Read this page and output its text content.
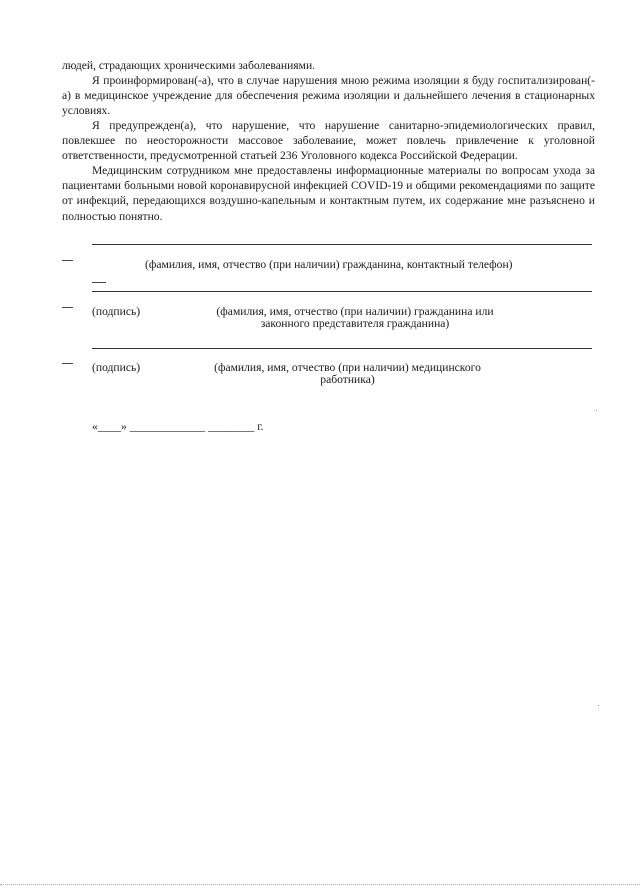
людей, страдающих хроническими заболеваниями.

Я проинформирован(-а), что в случае нарушения мною режима изоляции я буду госпитализирован(-а) в медицинское учреждение для обеспечения режима изоляции и дальнейшего лечения в стационарных условиях.

Я предупрежден(а), что нарушение, что нарушение санитарно-эпидемиологических правил, повлекшее по неосторожности массовое заболевание, может повлечь привлечение к уголовной ответственности, предусмотренной статьей 236 Уголовного кодекса Российской Федерации.

Медицинским сотрудником мне предоставлены информационные материалы по вопросам ухода за пациентами больными новой коронавирусной инфекцией COVID-19 и общими рекомендациями по защите от инфекций, передающихся воздушно-капельным и контактным путем, их содержание мне разъяснено и полностью понятно.

(фамилия, имя, отчество (при наличии) гражданина, контактный телефон)
(подпись)	(фамилия, имя, отчество (при наличии) гражданина или
законного представителя гражданина)
(подпись)	(фамилия, имя, отчество (при наличии) медицинского
работника)
«____» _____________ ________ г.
